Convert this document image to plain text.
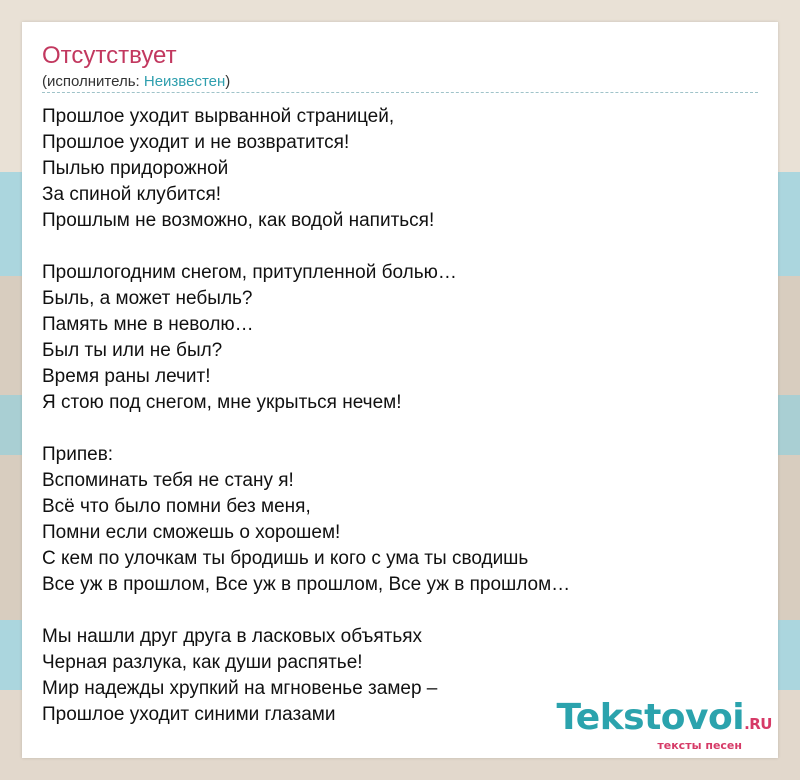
Отсутствует
(исполнитель: Неизвестен)
Прошлое уходит вырванной страницей,
Прошлое уходит и не возвратится!
Пылью придорожной
За спиной клубится!
Прошлым не возможно, как водой напиться!
Прошлогодним снегом, притупленной болью…
Быль, а может небыль?
Память мне в неволю…
Был ты или не был?
Время раны лечит!
Я стою под снегом, мне укрыться нечем!
Припев:
Вспоминать тебя не стану я!
Всё что было помни без меня,
Помни если сможешь о хорошем!
С кем по улочкам ты бродишь и кого с ума ты сводишь
Все уж в прошлом, Все уж в прошлом, Все уж в прошлом…
Мы нашли друг друга в ласковых объятьях
Черная разлука, как души распятье!
Мир надежды хрупкий на мгновенье замер –
Прошлое уходит синими глазами	Tekstovoi.RU
тексты песен
